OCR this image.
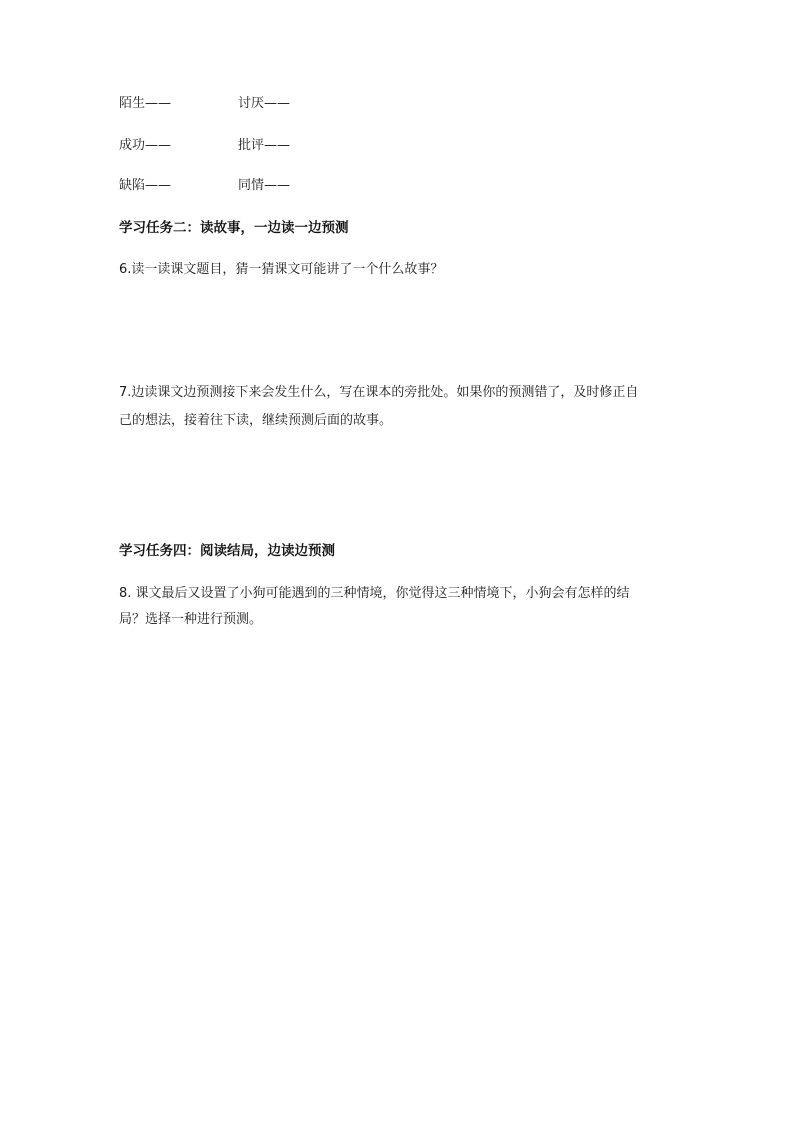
陌生——	讨厌——
成功——	批评——
缺陷——	同情——
学习任务二：读故事，一边读一边预测
6.读一读课文题目，猜一猜课文可能讲了一个什么故事？
7.边读课文边预测接下来会发生什么，写在课本的旁批处。如果你的预测错了，及时修正自
己的想法，接着往下读，继续预测后面的故事。
学习任务四：阅读结局，边读边预测
8. 课文最后又设置了小狗可能遇到的三种情境，你觉得这三种情境下，小狗会有怎样的结
局？选择一种进行预测。
